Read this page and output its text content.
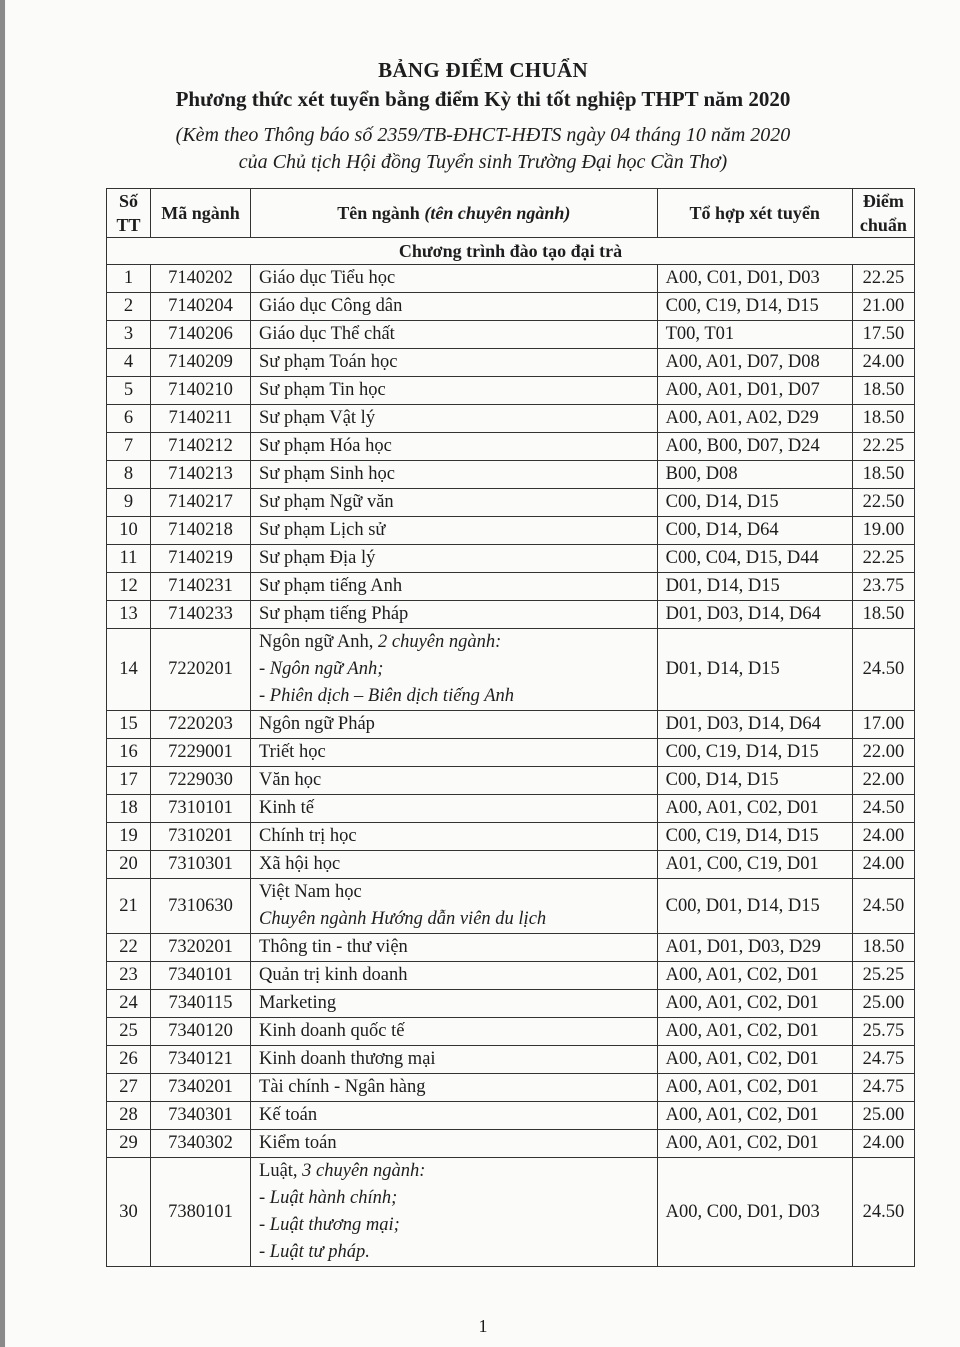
BẢNG ĐIỂM CHUẨN

Phương thức xét tuyển bằng điểm Kỳ thi tốt nghiệp THPT năm 2020

(Kèm theo Thông báo số 2359/TB-ĐHCT-HĐTS ngày 04 tháng 10 năm 2020

của Chủ tịch Hội đồng Tuyển sinh Trường Đại học Cần Thơ)

1
Số
TT	Mã ngành	Tên ngành (tên chuyên ngành)	Tổ hợp xét tuyển	Điểm
chuẩn
Chương trình đào tạo đại trà				
1	7140202	Giáo dục Tiểu học	A00, C01, D01, D03	22.25
2	7140204	Giáo dục Công dân	C00, C19, D14, D15	21.00
3	7140206	Giáo dục Thể chất	T00, T01	17.50
4	7140209	Sư phạm Toán học	A00, A01, D07, D08	24.00
5	7140210	Sư phạm Tin học	A00, A01, D01, D07	18.50
6	7140211	Sư phạm Vật lý	A00, A01, A02, D29	18.50
7	7140212	Sư phạm Hóa học	A00, B00, D07, D24	22.25
8	7140213	Sư phạm Sinh học	B00, D08	18.50
9	7140217	Sư phạm Ngữ văn	C00, D14, D15	22.50
10	7140218	Sư phạm Lịch sử	C00, D14, D64	19.00
11	7140219	Sư phạm Địa lý	C00, C04, D15, D44	22.25
12	7140231	Sư phạm tiếng Anh	D01, D14, D15	23.75
13	7140233	Sư phạm tiếng Pháp	D01, D03, D14, D64	18.50
14	7220201	Ngôn ngữ Anh, 2 chuyên ngành:
- Ngôn ngữ Anh;
- Phiên dịch – Biên dịch tiếng Anh	D01, D14, D15	24.50
15	7220203	Ngôn ngữ Pháp	D01, D03, D14, D64	17.00
16	7229001	Triết học	C00, C19, D14, D15	22.00
17	7229030	Văn học	C00, D14, D15	22.00
18	7310101	Kinh tế	A00, A01, C02, D01	24.50
19	7310201	Chính trị học	C00, C19, D14, D15	24.00
20	7310301	Xã hội học	A01, C00, C19, D01	24.00
21	7310630	Việt Nam học
Chuyên ngành Hướng dẫn viên du lịch	C00, D01, D14, D15	24.50
22	7320201	Thông tin - thư viện	A01, D01, D03, D29	18.50
23	7340101	Quản trị kinh doanh	A00, A01, C02, D01	25.25
24	7340115	Marketing	A00, A01, C02, D01	25.00
25	7340120	Kinh doanh quốc tế	A00, A01, C02, D01	25.75
26	7340121	Kinh doanh thương mại	A00, A01, C02, D01	24.75
27	7340201	Tài chính - Ngân hàng	A00, A01, C02, D01	24.75
28	7340301	Kế toán	A00, A01, C02, D01	25.00
29	7340302	Kiểm toán	A00, A01, C02, D01	24.00
30	7380101	Luật, 3 chuyên ngành:
- Luật hành chính;
- Luật thương mại;
- Luật tư pháp.	A00, C00, D01, D03	24.50
